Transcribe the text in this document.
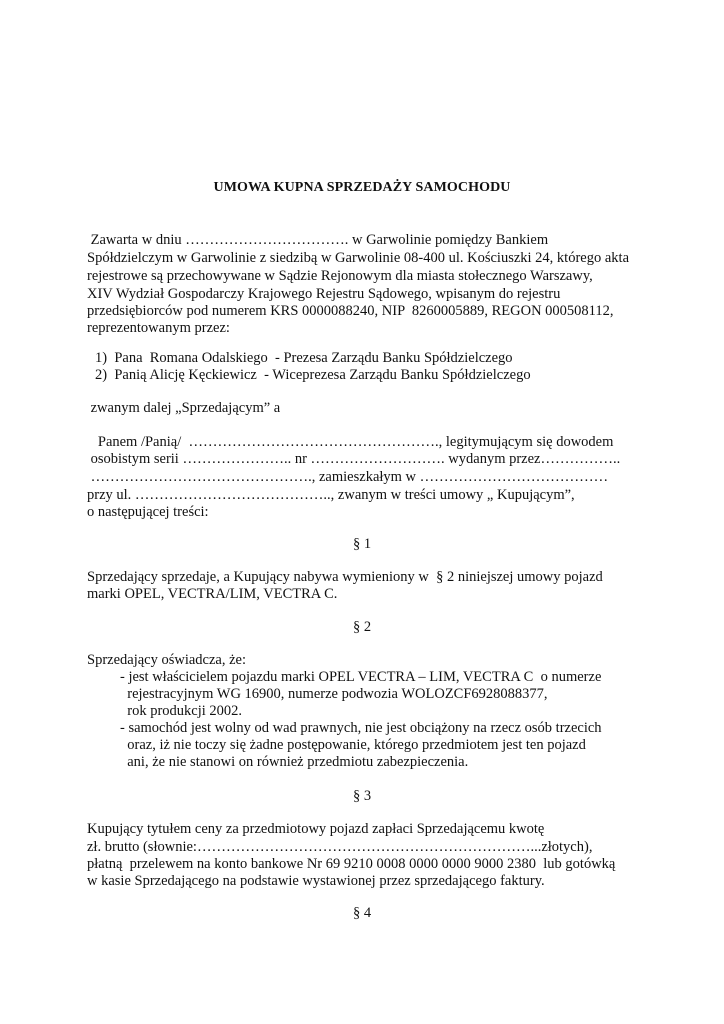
UMOWA KUPNA SPRZEDAŻY SAMOCHODU
Zawarta w dniu ……………………………. w Garwolinie pomiędzy Bankiem
Spółdzielczym w Garwolinie z siedzibą w Garwolinie 08-400 ul. Kościuszki 24, którego akta
rejestrowe są przechowywane w Sądzie Rejonowym dla miasta stołecznego Warszawy,
XIV Wydział Gospodarczy Krajowego Rejestru Sądowego, wpisanym do rejestru
przedsiębiorców pod numerem KRS 0000088240, NIP  8260005889, REGON 000508112,
reprezentowanym przez:
1)  Pana  Romana Odalskiego  - Prezesa Zarządu Banku Spółdzielczego
2)  Panią Alicję Kęckiewicz  - Wiceprezesa Zarządu Banku Spółdzielczego
zwanym dalej „Sprzedającym” a
Panem /Panią/  ……………………………………………., legitymującym się dowodem
osobistym serii ………………….. nr ………………………. wydanym przez……………..
………………………………………., zamieszkałym w …………………………………
przy ul. ………………………………….., zwanym w treści umowy „ Kupującym”,
o następującej treści:
§ 1
Sprzedający sprzedaje, a Kupujący nabywa wymieniony w  § 2 niniejszej umowy pojazd
marki OPEL, VECTRA/LIM, VECTRA C.
§ 2
Sprzedający oświadcza, że:
- jest właścicielem pojazdu marki OPEL VECTRA – LIM, VECTRA C  o numerze
rejestracyjnym WG 16900, numerze podwozia WOLOZCF6928088377,
rok produkcji 2002.
- samochód jest wolny od wad prawnych, nie jest obciążony na rzecz osób trzecich
oraz, iż nie toczy się żadne postępowanie, którego przedmiotem jest ten pojazd
ani, że nie stanowi on również przedmiotu zabezpieczenia.
§ 3
Kupujący tytułem ceny za przedmiotowy pojazd zapłaci Sprzedającemu kwotę
zł. brutto (słownie:……………………………………………………………...złotych),
płatną  przelewem na konto bankowe Nr 69 9210 0008 0000 0000 9000 2380  lub gotówką
w kasie Sprzedającego na podstawie wystawionej przez sprzedającego faktury.
§ 4
